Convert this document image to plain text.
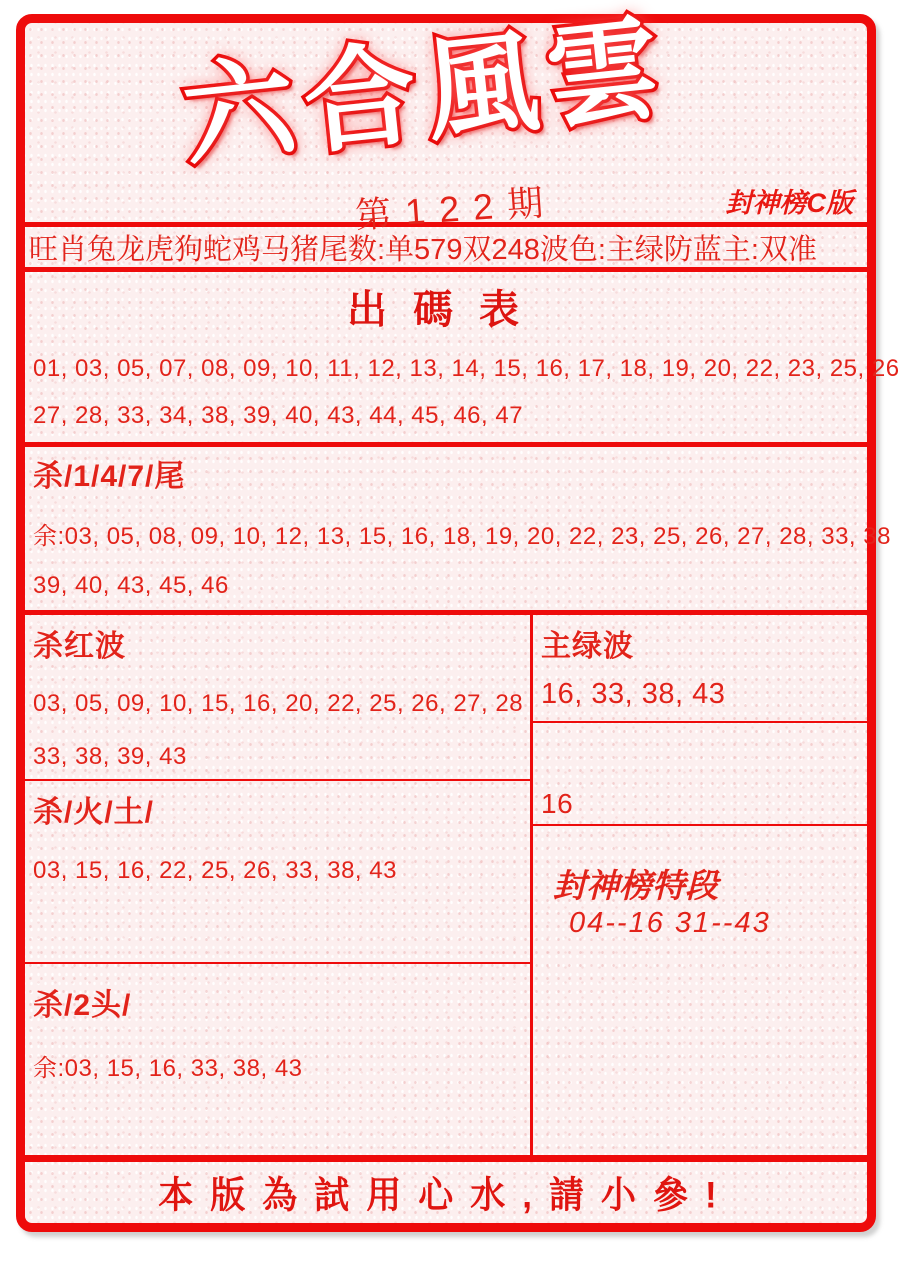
六合風雲
第122期	封神榜C版
旺肖兔龙虎狗蛇鸡马猪尾数:单579双248波色:主绿防蓝主:双准
出碼表
01, 03, 05, 07, 08, 09, 10, 11, 12, 13, 14, 15, 16, 17, 18, 19, 20, 22, 23, 25, 26
27, 28, 33, 34, 38, 39, 40, 43, 44, 45, 46, 47
杀/1/4/7/尾
余:03, 05, 08, 09, 10, 12, 13, 15, 16, 18, 19, 20, 22, 23, 25, 26, 27, 28, 33, 38
39, 40, 43, 45, 46
杀红波
03, 05, 09, 10, 15, 16, 20, 22, 25, 26, 27, 28
33, 38, 39, 43
杀/火/土/
03, 15, 16, 22, 25, 26, 33, 38, 43
杀/2头/
余:03, 15, 16, 33, 38, 43
主绿波
16, 33, 38, 43
16
封神榜特段
04--16 31--43
本版為試用心水,請小參!
